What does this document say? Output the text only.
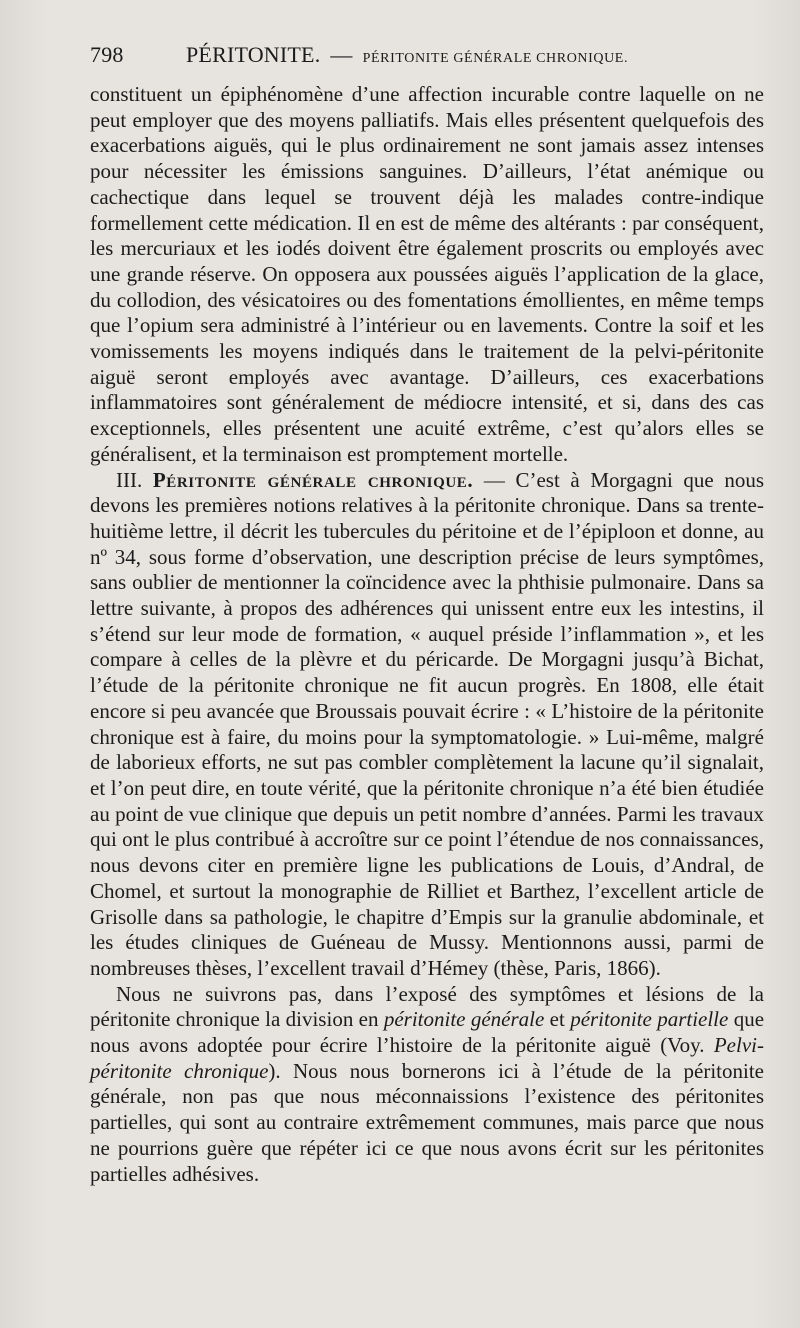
798	PÉRITONITE. — PÉRITONITE GÉNÉRALE CHRONIQUE.

constituent un épiphénomène d’une affection incurable contre laquelle on ne peut employer que des moyens palliatifs. Mais elles présentent quelquefois des exacerbations aiguës, qui le plus ordinairement ne sont jamais assez intenses pour nécessiter les émissions sanguines. D’ailleurs, l’état anémique ou cachectique dans lequel se trouvent déjà les malades contre-indique formellement cette médication. Il en est de même des altérants : par conséquent, les mercuriaux et les iodés doivent être également proscrits ou employés avec une grande réserve. On opposera aux poussées aiguës l’application de la glace, du collodion, des vésicatoires ou des fomentations émollientes, en même temps que l’opium sera administré à l’intérieur ou en lavements. Contre la soif et les vomissements les moyens indiqués dans le traitement de la pelvi-péritonite aiguë seront employés avec avantage. D’ailleurs, ces exacerbations inflammatoires sont généralement de médiocre intensité, et si, dans des cas exceptionnels, elles présentent une acuité extrême, c’est qu’alors elles se généralisent, et la terminaison est promptement mortelle.

III. Péritonite générale chronique. — C’est à Morgagni que nous devons les premières notions relatives à la péritonite chronique. Dans sa trente-huitième lettre, il décrit les tubercules du péritoine et de l’épiploon et donne, au nº 34, sous forme d’observation, une description précise de leurs symptômes, sans oublier de mentionner la coïncidence avec la phthisie pulmonaire. Dans sa lettre suivante, à propos des adhérences qui unissent entre eux les intestins, il s’étend sur leur mode de formation, « auquel préside l’inflammation », et les compare à celles de la plèvre et du péricarde. De Morgagni jusqu’à Bichat, l’étude de la péritonite chronique ne fit aucun progrès. En 1808, elle était encore si peu avancée que Broussais pouvait écrire : « L’histoire de la péritonite chronique est à faire, du moins pour la symptomatologie. » Lui-même, malgré de laborieux efforts, ne sut pas combler complètement la lacune qu’il signalait, et l’on peut dire, en toute vérité, que la péritonite chronique n’a été bien étudiée au point de vue clinique que depuis un petit nombre d’années. Parmi les travaux qui ont le plus contribué à accroître sur ce point l’étendue de nos connaissances, nous devons citer en première ligne les publications de Louis, d’Andral, de Chomel, et surtout la monographie de Rilliet et Barthez, l’excellent article de Grisolle dans sa pathologie, le chapitre d’Empis sur la granulie abdominale, et les études cliniques de Guéneau de Mussy. Mentionnons aussi, parmi de nombreuses thèses, l’excellent travail d’Hémey (thèse, Paris, 1866).

Nous ne suivrons pas, dans l’exposé des symptômes et lésions de la péritonite chronique la division en péritonite générale et péritonite partielle que nous avons adoptée pour écrire l’histoire de la péritonite aiguë (Voy. Pelvi-péritonite chronique). Nous nous bornerons ici à l’étude de la péritonite générale, non pas que nous méconnaissions l’existence des péritonites partielles, qui sont au contraire extrêmement communes, mais parce que nous ne pourrions guère que répéter ici ce que nous avons écrit sur les péritonites partielles adhésives.
